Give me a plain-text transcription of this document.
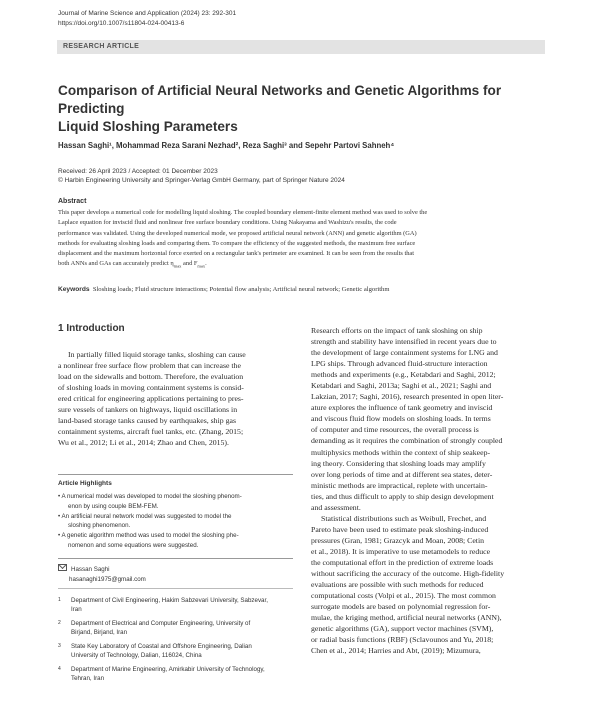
Journal of Marine Science and Application (2024) 23: 292-301
https://doi.org/10.1007/s11804-024-00413-6
RESEARCH ARTICLE
Comparison of Artificial Neural Networks and Genetic Algorithms for Predicting
Liquid Sloshing Parameters
Hassan Saghi¹, Mohammad Reza Sarani Nezhad², Reza Saghi³ and Sepehr Partovi Sahneh⁴
Received: 26 April 2023 / Accepted: 01 December 2023
© Harbin Engineering University and Springer-Verlag GmbH Germany, part of Springer Nature 2024
Abstract
This paper develops a numerical code for modelling liquid sloshing. The coupled boundary element-finite element method was used to solve the
Laplace equation for inviscid fluid and nonlinear free surface boundary conditions. Using Nakayama and Washizu's results, the code
performance was validated. Using the developed numerical mode, we proposed artificial neural network (ANN) and genetic algorithm (GA)
methods for evaluating sloshing loads and comparing them. To compare the efficiency of the suggested methods, the maximum free surface
displacement and the maximum horizontal force exerted on a rectangular tank's perimeter are examined. It can be seen from the results that
both ANNs and GAs can accurately predict $\eta_{max}$ and $F_{max}$.
Keywords Sloshing loads; Fluid structure interactions; Potential flow analysis; Artificial neural network; Genetic algorithm
1 Introduction
In partially filled liquid storage tanks, sloshing can cause
a nonlinear free surface flow problem that can increase the
load on the sidewalls and bottom. Therefore, the evaluation
of sloshing loads in moving containment systems is consid-
ered critical for engineering applications pertaining to pres-
sure vessels of tankers on highways, liquid oscillations in
land-based storage tanks caused by earthquakes, ship gas
containment systems, aircraft fuel tanks, etc. (Zhang, 2015;
Wu et al., 2012; Li et al., 2014; Zhao and Chen, 2015).
Article Highlights
• A numerical model was developed to model the sloshing phenom-
enon by using couple BEM-FEM.
• An artificial neural network model was suggested to model the
sloshing phenomenon.
• A genetic algorithm method was used to model the sloshing phe-
nomenon and some equations were suggested.
Hassan Saghi
hasanaghi1975@gmail.com
1 Department of Civil Engineering, Hakim Sabzevari University, Sabzevar,
Iran
2 Department of Electrical and Computer Engineering, University of
Birjand, Birjand, Iran
3 State Key Laboratory of Coastal and Offshore Engineering, Dalian
University of Technology, Dalian, 116024, China
4 Department of Marine Engineering, Amirkabir University of Technology,
Tehran, Iran
Research efforts on the impact of tank sloshing on ship
strength and stability have intensified in recent years due to
the development of large containment systems for LNG and
LPG ships. Through advanced fluid-structure interaction
methods and experiments (e.g., Ketabdari and Saghi, 2012;
Ketabdari and Saghi, 2013a; Saghi et al., 2021; Saghi and
Lakzian, 2017; Saghi, 2016), research presented in open liter-
ature explores the influence of tank geometry and inviscid
and viscous fluid flow models on sloshing loads. In terms
of computer and time resources, the overall process is
demanding as it requires the combination of strongly coupled
multiphysics methods within the context of ship seakeep-
ing theory. Considering that sloshing loads may amplify
over long periods of time and at different sea states, deter-
ministic methods are impractical, replete with uncertain-
ties, and thus difficult to apply to ship design development
and assessment.
Statistical distributions such as Weibull, Frechet, and
Pareto have been used to estimate peak sloshing-induced
pressures (Gran, 1981; Grazcyk and Moan, 2008; Cetin
et al., 2018). It is imperative to use metamodels to reduce
the computational effort in the prediction of extreme loads
without sacrificing the accuracy of the outcome. High-fidelity
evaluations are possible with such methods for reduced
computational costs (Volpi et al., 2015). The most common
surrogate models are based on polynomial regression for-
mulae, the kriging method, artificial neural networks (ANN),
genetic algorithms (GA), support vector machines (SVM),
or radial basis functions (RBF) (Sclavounos and Yu, 2018;
Chen et al., 2014; Harries and Abt, (2019); Mizumura,
